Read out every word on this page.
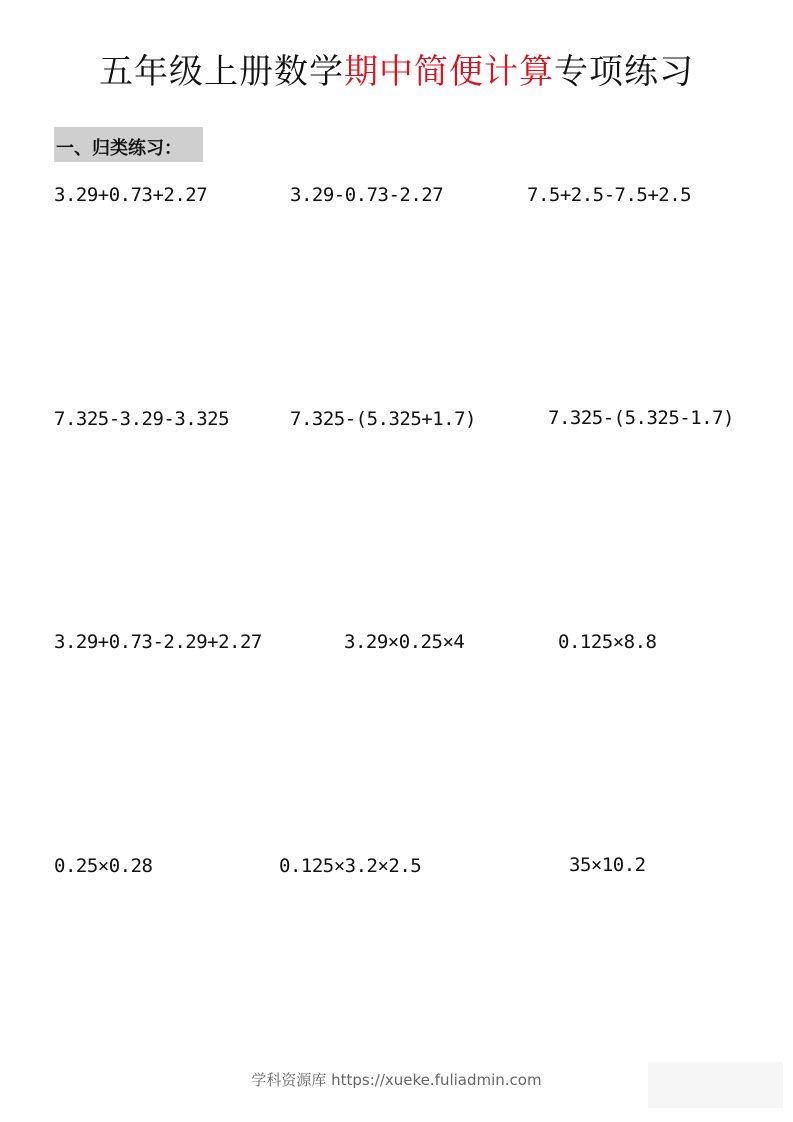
五年级上册数学期中简便计算专项练习
一、归类练习：
3.29+0.73+2.27	3.29-0.73-2.27	7.5+2.5-7.5+2.5
7.325-3.29-3.325	7.325-(5.325+1.7)	7.325-(5.325-1.7)
3.29+0.73-2.29+2.27	3.29×0.25×4	0.125×8.8
0.25×0.28	0.125×3.2×2.5	35×10.2
学科资源库 https://xueke.fuliadmin.com
